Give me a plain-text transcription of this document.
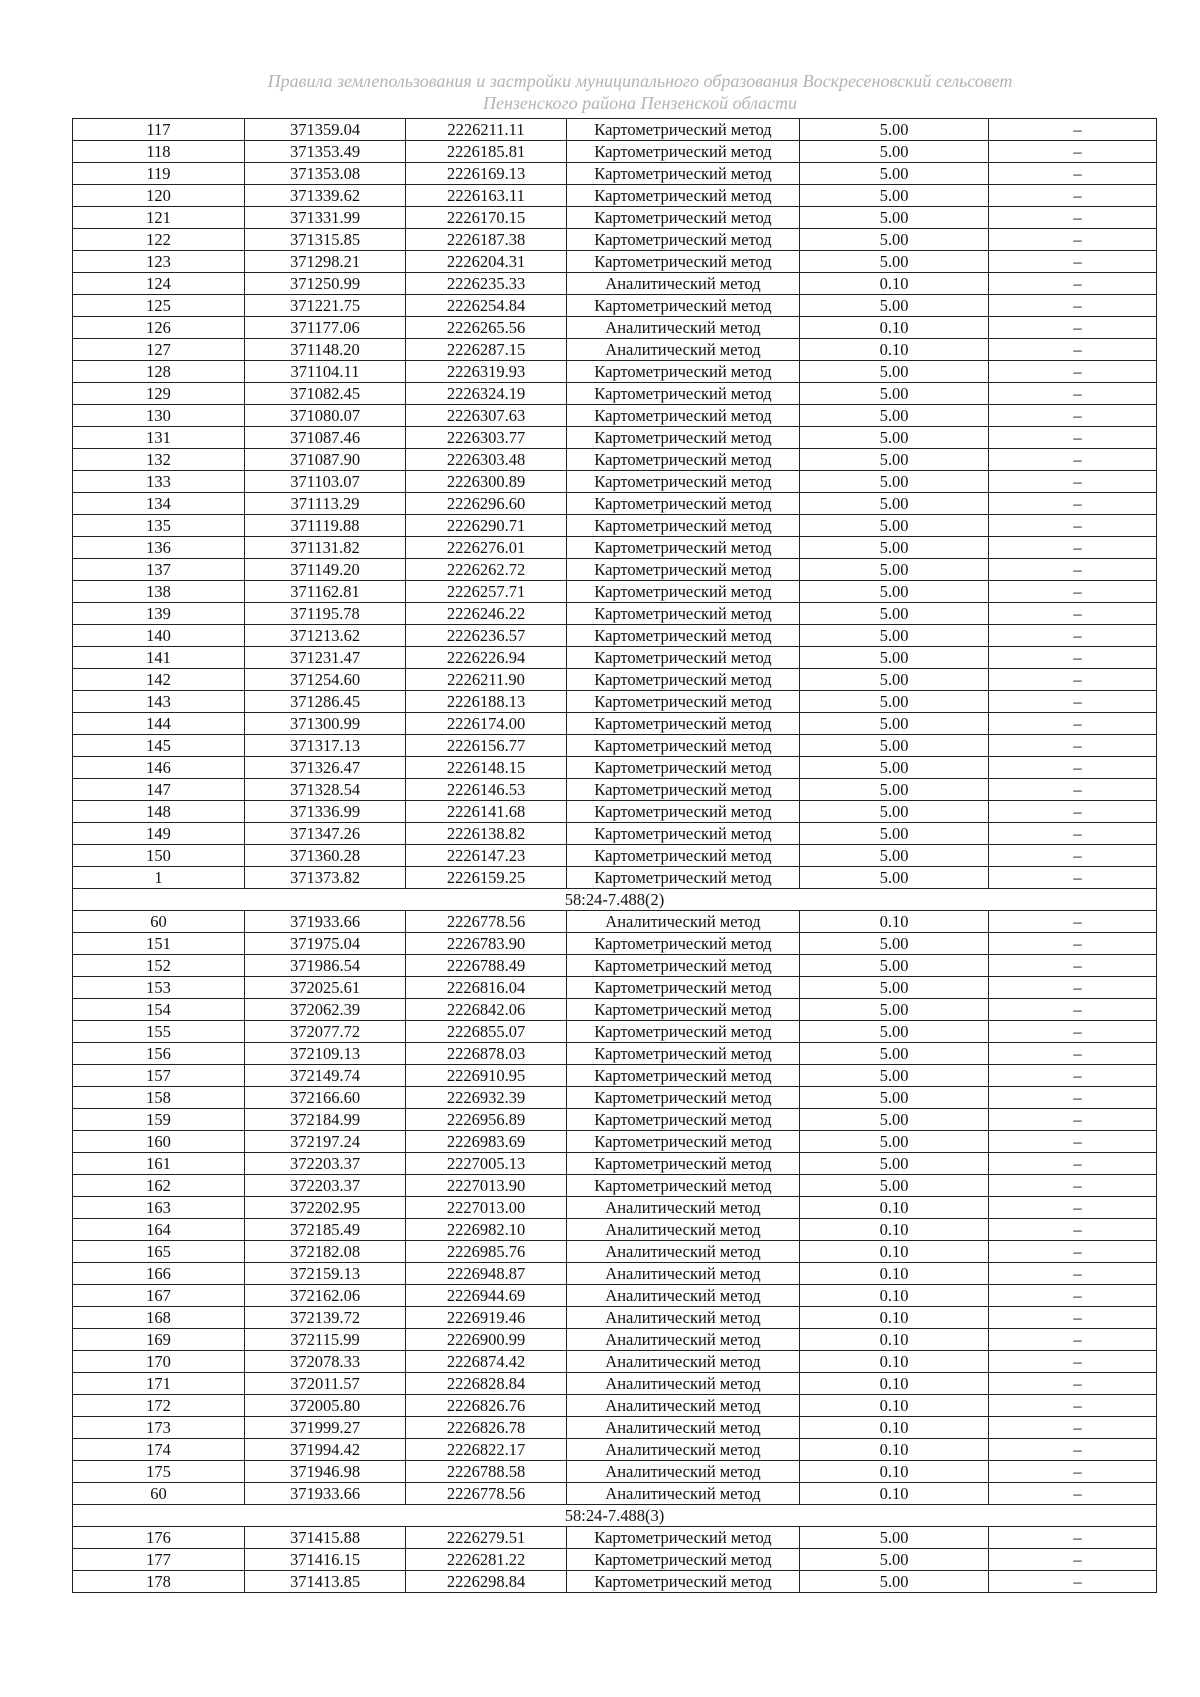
Правила землепользования и застройки муниципального образования Воскресеновский сельсовет
Пензенского района Пензенской области
117	371359.04	2226211.11	Картометрический метод	5.00	–
118	371353.49	2226185.81	Картометрический метод	5.00	–
119	371353.08	2226169.13	Картометрический метод	5.00	–
120	371339.62	2226163.11	Картометрический метод	5.00	–
121	371331.99	2226170.15	Картометрический метод	5.00	–
122	371315.85	2226187.38	Картометрический метод	5.00	–
123	371298.21	2226204.31	Картометрический метод	5.00	–
124	371250.99	2226235.33	Аналитический метод	0.10	–
125	371221.75	2226254.84	Картометрический метод	5.00	–
126	371177.06	2226265.56	Аналитический метод	0.10	–
127	371148.20	2226287.15	Аналитический метод	0.10	–
128	371104.11	2226319.93	Картометрический метод	5.00	–
129	371082.45	2226324.19	Картометрический метод	5.00	–
130	371080.07	2226307.63	Картометрический метод	5.00	–
131	371087.46	2226303.77	Картометрический метод	5.00	–
132	371087.90	2226303.48	Картометрический метод	5.00	–
133	371103.07	2226300.89	Картометрический метод	5.00	–
134	371113.29	2226296.60	Картометрический метод	5.00	–
135	371119.88	2226290.71	Картометрический метод	5.00	–
136	371131.82	2226276.01	Картометрический метод	5.00	–
137	371149.20	2226262.72	Картометрический метод	5.00	–
138	371162.81	2226257.71	Картометрический метод	5.00	–
139	371195.78	2226246.22	Картометрический метод	5.00	–
140	371213.62	2226236.57	Картометрический метод	5.00	–
141	371231.47	2226226.94	Картометрический метод	5.00	–
142	371254.60	2226211.90	Картометрический метод	5.00	–
143	371286.45	2226188.13	Картометрический метод	5.00	–
144	371300.99	2226174.00	Картометрический метод	5.00	–
145	371317.13	2226156.77	Картометрический метод	5.00	–
146	371326.47	2226148.15	Картометрический метод	5.00	–
147	371328.54	2226146.53	Картометрический метод	5.00	–
148	371336.99	2226141.68	Картометрический метод	5.00	–
149	371347.26	2226138.82	Картометрический метод	5.00	–
150	371360.28	2226147.23	Картометрический метод	5.00	–
1	371373.82	2226159.25	Картометрический метод	5.00	–
58:24-7.488(2)					
60	371933.66	2226778.56	Аналитический метод	0.10	–
151	371975.04	2226783.90	Картометрический метод	5.00	–
152	371986.54	2226788.49	Картометрический метод	5.00	–
153	372025.61	2226816.04	Картометрический метод	5.00	–
154	372062.39	2226842.06	Картометрический метод	5.00	–
155	372077.72	2226855.07	Картометрический метод	5.00	–
156	372109.13	2226878.03	Картометрический метод	5.00	–
157	372149.74	2226910.95	Картометрический метод	5.00	–
158	372166.60	2226932.39	Картометрический метод	5.00	–
159	372184.99	2226956.89	Картометрический метод	5.00	–
160	372197.24	2226983.69	Картометрический метод	5.00	–
161	372203.37	2227005.13	Картометрический метод	5.00	–
162	372203.37	2227013.90	Картометрический метод	5.00	–
163	372202.95	2227013.00	Аналитический метод	0.10	–
164	372185.49	2226982.10	Аналитический метод	0.10	–
165	372182.08	2226985.76	Аналитический метод	0.10	–
166	372159.13	2226948.87	Аналитический метод	0.10	–
167	372162.06	2226944.69	Аналитический метод	0.10	–
168	372139.72	2226919.46	Аналитический метод	0.10	–
169	372115.99	2226900.99	Аналитический метод	0.10	–
170	372078.33	2226874.42	Аналитический метод	0.10	–
171	372011.57	2226828.84	Аналитический метод	0.10	–
172	372005.80	2226826.76	Аналитический метод	0.10	–
173	371999.27	2226826.78	Аналитический метод	0.10	–
174	371994.42	2226822.17	Аналитический метод	0.10	–
175	371946.98	2226788.58	Аналитический метод	0.10	–
60	371933.66	2226778.56	Аналитический метод	0.10	–
58:24-7.488(3)					
176	371415.88	2226279.51	Картометрический метод	5.00	–
177	371416.15	2226281.22	Картометрический метод	5.00	–
178	371413.85	2226298.84	Картометрический метод	5.00	–
